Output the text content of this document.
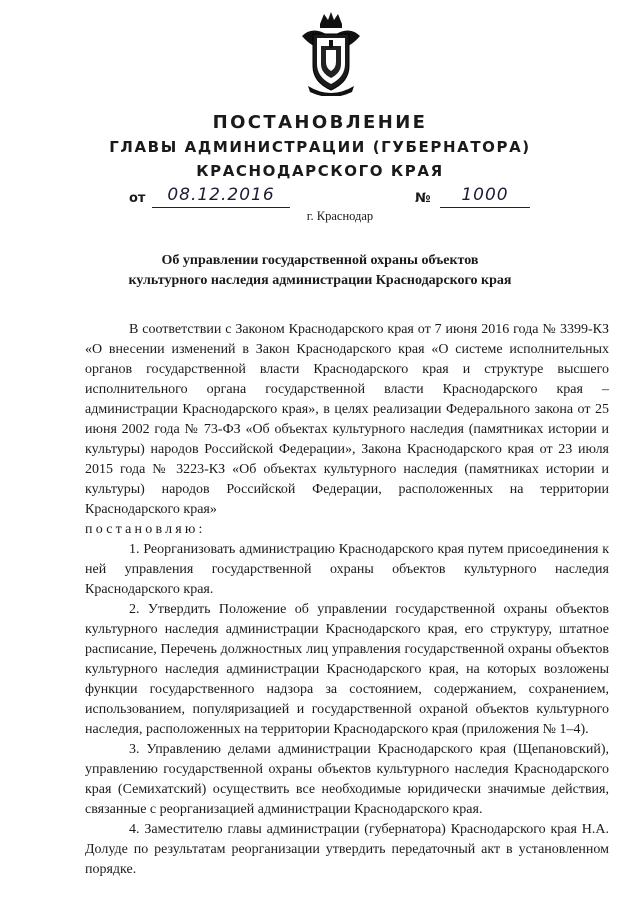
ПОСТАНОВЛЕНИЕ
ГЛАВЫ АДМИНИСТРАЦИИ (ГУБЕРНАТОРА)
КРАСНОДАРСКОГО КРАЯ
от	08.12.2016	№	1000
г. Краснодар
Об управлении государственной охраны объектов
культурного наследия администрации Краснодарского края

В соответствии с Законом Краснодарского края от 7 июня 2016 года № 3399-КЗ «О внесении изменений в Закон Краснодарского края «О системе исполнительных органов государственной власти Краснодарского края и структуре высшего исполнительного органа государственной власти Краснодарского края – администрации Краснодарского края», в целях реализации Федерального закона от 25 июня 2002 года № 73-ФЗ «Об объектах культурного наследия (памятниках истории и культуры) народов Российской Федерации», Закона Краснодарского края от 23 июля 2015 года № 3223-КЗ «Об объектах культурного наследия (памятниках истории и культуры) народов Российской Федерации, расположенных на территории Краснодарского края»

постановляю:

1. Реорганизовать администрацию Краснодарского края путем присоединения к ней управления государственной охраны объектов культурного наследия Краснодарского края.

2. Утвердить Положение об управлении государственной охраны объектов культурного наследия администрации Краснодарского края, его структуру, штатное расписание, Перечень должностных лиц управления государственной охраны объектов культурного наследия администрации Краснодарского края, на которых возложены функции государственного надзора за состоянием, содержанием, сохранением, использованием, популяризацией и государственной охраной объектов культурного наследия, расположенных на территории Краснодарского края (приложения № 1–4).

3. Управлению делами администрации Краснодарского края (Щепановский), управлению государственной охраны объектов культурного наследия Краснодарского края (Семихатский) осуществить все необходимые юридически значимые действия, связанные с реорганизацией администрации Краснодарского края.

4. Заместителю главы администрации (губернатора) Краснодарского края Н.А. Долуде по результатам реорганизации утвердить передаточный акт в установленном порядке.
